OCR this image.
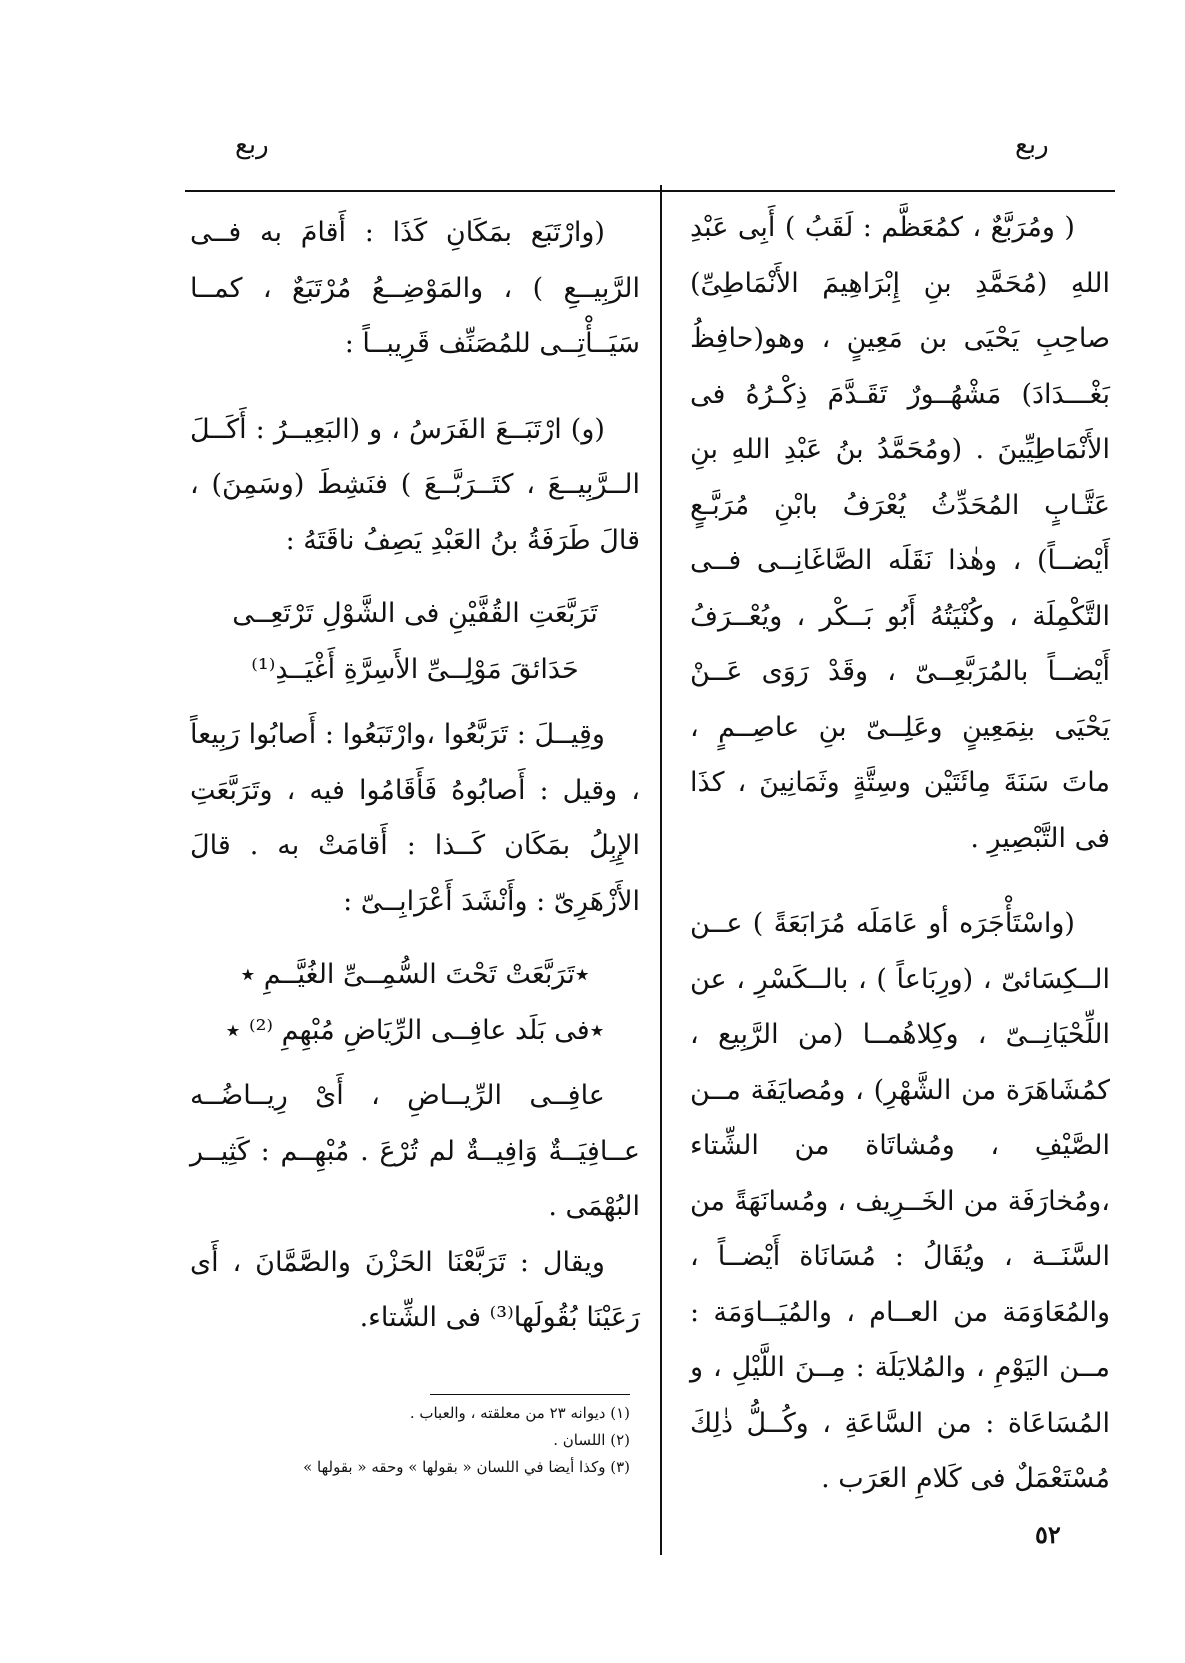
ربع
ربع

( ومُرَبَّعٌ ، كمُعَظَّم : لَقَبُ ) أَبِى عَبْدِ اللهِ (مُحَمَّدِ بنِ إِبْرَاهِيمَ الأَنْمَاطِىِّ) صاحِبِ يَحْيَى بن مَعِينٍ ، وهو(حافِظُ بَغْـــدَادَ) مَشْهُــورٌ تَقَـدَّمَ ذِكْـرُهُ فى الأَنْمَاطِيِّينَ . (ومُحَمَّدُ بنُ عَبْدِ اللهِ بنِ عَتَّـابٍ المُحَدِّثُ يُعْرَفُ بابْنِ مُرَبَّـعٍ أَيْضــاً) ، وهٰذا نَقَلَه الصَّاغَانِــى فــى التَّكْمِلَة ، وكُنْيَتُهُ أَبُو بَــكْر ، ويُعْــرَفُ أَيْضــاً بالمُرَبَّعِــىّ ، وقَدْ رَوَى عَــنْ يَحْيَى بنِمَعِينٍ وعَلِــىّ بنِ عاصِــمٍ ، ماتَ سَنَةَ مِائَتَيْن وسِتَّةٍ وثَمَانِينَ ، كذَا فى التَّبْصِيرِ .

(واسْتَأْجَرَه أو عَامَلَه مُرَابَعَةً ) عــن الــكِسَائىّ ، (ورِبَاعاً ) ، بالــكَسْرِ ، عن اللِّحْيَانِــىّ ، وكِلاهُمــا (من الرَّبِيع ، كمُشَاهَرَة من الشَّهْرِ) ، ومُصايَفَة مــن الصَّيْفِ ، ومُشاتَاة من الشِّتاء ،ومُخارَفَة من الخَــرِيف ، ومُسانَهَةً من السَّنَــة ، ويُقَالُ : مُسَانَاة أَيْضــاً ، والمُعَاوَمَة من العــام ، والمُيَــاوَمَة : مــن اليَوْمِ ، والمُلايَلَة : مِــنَ اللَّيْلِ ، و المُسَاعَاة : من السَّاعَةِ ، وكُــلُّ ذٰلِكَ مُسْتَعْمَلٌ فى كَلامِ العَرَب .

(وارْتَبَع بمَكَانِ كَذَا : أَقامَ به فــى الرَّبِيــعِ ) ، والمَوْضِــعُ مُرْتَبَعٌ ، كمــا سَيَــأْتِــى للمُصَنِّف قَرِيبــاً :

(و) ارْتَبَــعَ الفَرَسُ ، و (البَعِيــرُ : أَكَــلَ الــرَّبِيــعَ ، كتَــرَبَّــعَ ) فنَشِطَ (وسَمِنَ) ، قالَ طَرَفَةُ بنُ العَبْدِ يَصِفُ ناقَتَهُ :

تَرَبَّعَتِ القُفَّيْنِ فى الشَّوْلِ تَرْتَعِــى
حَدَائقَ مَوْلِــىِّ الأَسِرَّةِ أَغْيَــدِ⁽¹⁾

وقِيــلَ : تَرَبَّعُوا ،وارْتَبَعُوا : أَصابُوا رَبِيعاً ، وقيل : أَصابُوهُ فَأَقَامُوا فيه ، وتَرَبَّعَتِ الإِبِلُ بمَكَان كَــذا : أَقامَتْ به . قالَ الأَزْهَرِىّ : وأَنْشَدَ أَعْرَابِــىّ :

٭تَرَبَّعَتْ تَحْتَ السُّمِــىِّ الغُيَّــمِ ٭
٭فى بَلَد عافِــى الرِّيَاضِ مُبْهِمِ ⁽²⁾ ٭

عافِــى الرِّيــاضِ ، أَىْ رِيــاضُــه عــافِيَــةٌ وَافِيــةٌ لم تُرْعَ . مُبْهِــم : كَثِيــر البُهْمَى .

ويقال : تَرَبَّعْنَا الحَزْنَ والصَّمَّانَ ، أَى رَعَيْنَا بُقُولَها⁽³⁾ فى الشِّتاء.

(١) ديوانه ٢٣ من معلقته ، والعباب .
(٢) اللسان .
(٣) وكذا أيضا في اللسان « بقولها » وحقه « بقولها »
٥٢
